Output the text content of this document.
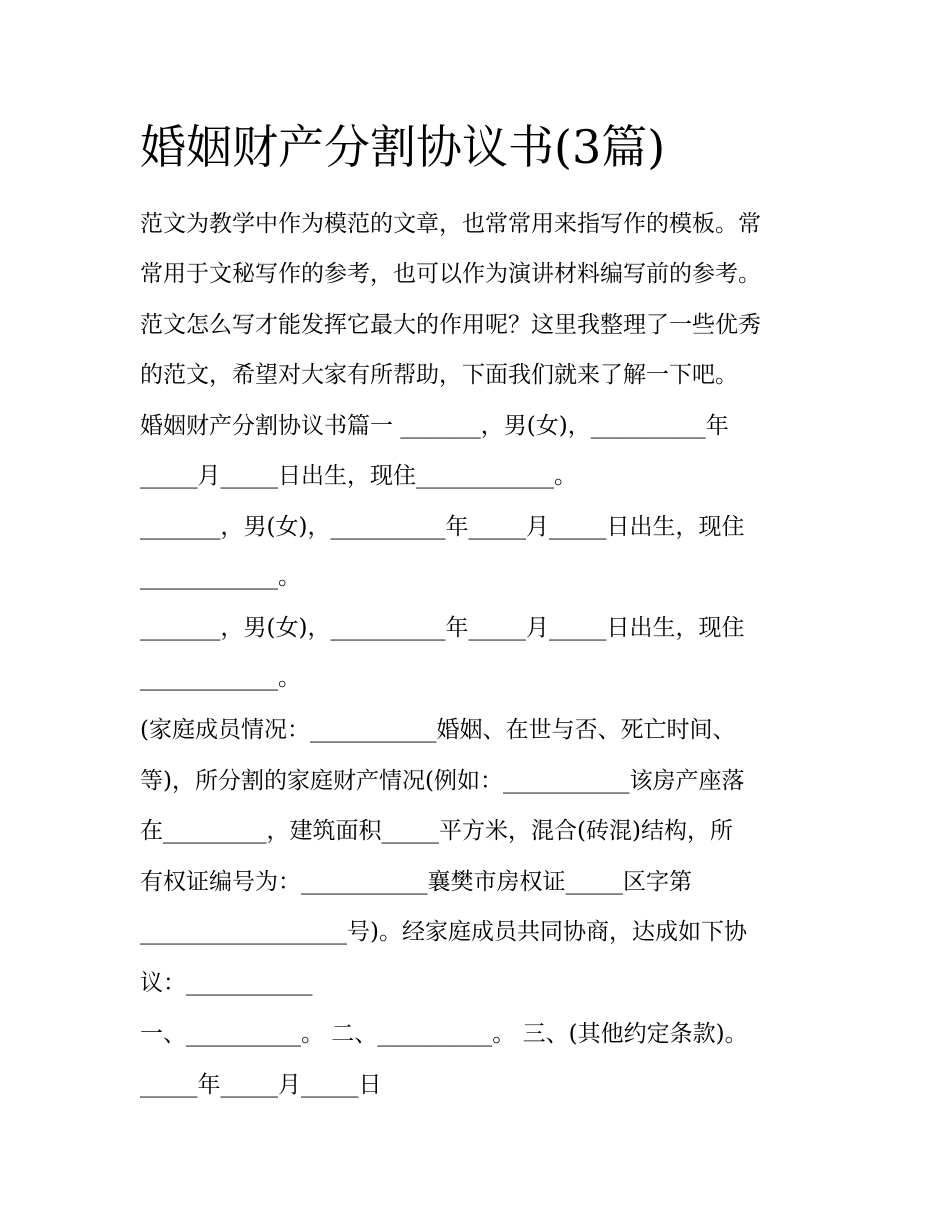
婚姻财产分割协议书(3篇)

范文为教学中作为模范的文章，也常常用来指写作的模板。常

常用于文秘写作的参考，也可以作为演讲材料编写前的参考。

范文怎么写才能发挥它最大的作用呢？这里我整理了一些优秀

的范文，希望对大家有所帮助，下面我们就来了解一下吧。

婚姻财产分割协议书篇一 _______，男(女)，__________年

_____月_____日出生，现住____________。

_______，男(女)，__________年_____月_____日出生，现住

____________。

_______，男(女)，__________年_____月_____日出生，现住

____________。

(家庭成员情况：___________婚姻、在世与否、死亡时间、

等)，所分割的家庭财产情况(例如：___________该房产座落

在_________，建筑面积_____平方米，混合(砖混)结构，所

有权证编号为：___________襄樊市房权证_____区字第

__________________号)。经家庭成员共同协商，达成如下协

议：___________

一、__________。 二、__________。 三、(其他约定条款)。

_____年_____月_____日
